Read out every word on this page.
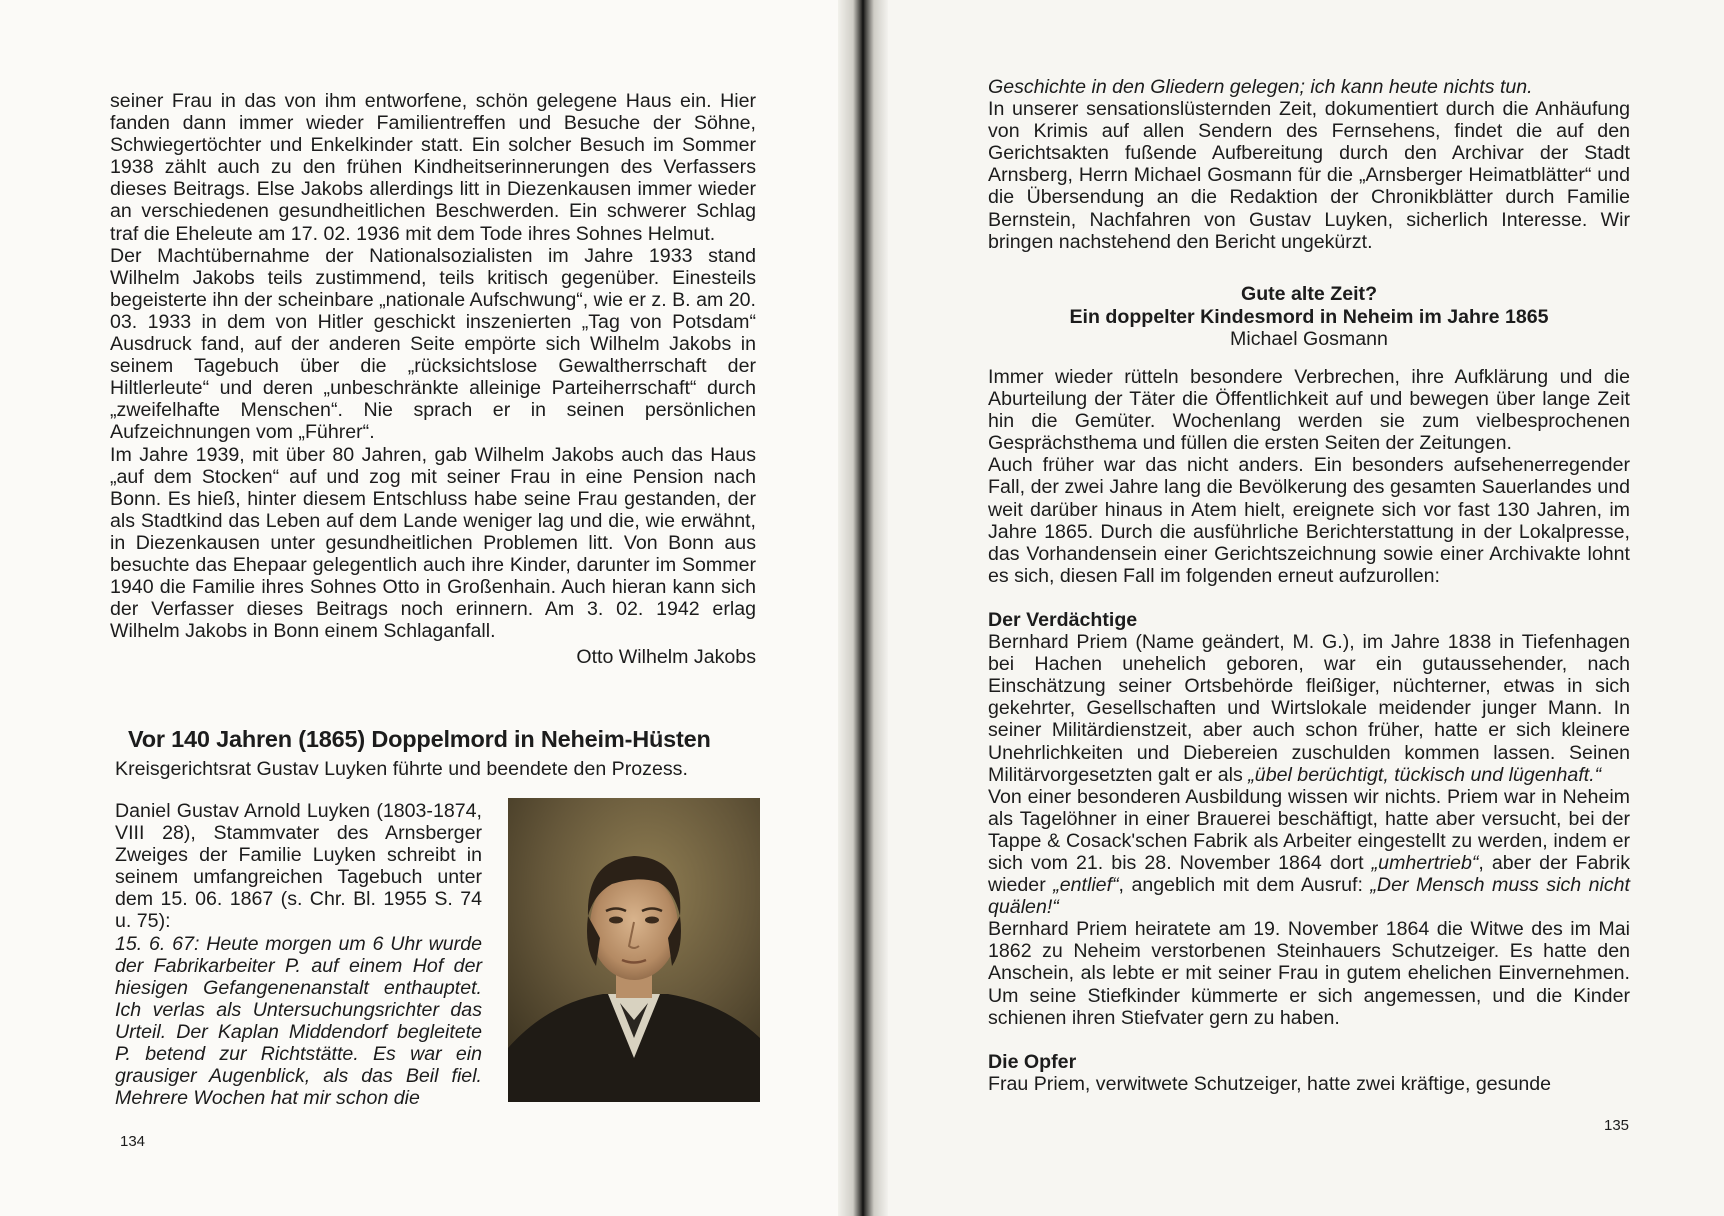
seiner Frau in das von ihm entworfene, schön gelegene Haus ein. Hier fanden dann immer wieder Familientreffen und Besuche der Söhne, Schwiegertöchter und Enkelkinder statt. Ein solcher Besuch im Sommer 1938 zählt auch zu den frühen Kindheitserinnerungen des Verfassers dieses Beitrags. Else Jakobs allerdings litt in Diezenkausen immer wieder an verschiedenen gesundheitlichen Beschwerden. Ein schwerer Schlag traf die Eheleute am 17. 02. 1936 mit dem Tode ihres Sohnes Helmut.

Der Machtübernahme der Nationalsozialisten im Jahre 1933 stand Wilhelm Jakobs teils zustimmend, teils kritisch gegenüber. Einesteils begeisterte ihn der scheinbare „nationale Aufschwung“, wie er z. B. am 20. 03. 1933 in dem von Hitler geschickt inszenierten „Tag von Potsdam“ Ausdruck fand, auf der anderen Seite empörte sich Wilhelm Jakobs in seinem Tagebuch über die „rücksichtslose Gewaltherrschaft der Hiltlerleute“ und deren „unbeschränkte alleinige Parteiherrschaft“ durch „zweifelhafte Menschen“. Nie sprach er in seinen persönlichen Aufzeichnungen vom „Führer“.

Im Jahre 1939, mit über 80 Jahren, gab Wilhelm Jakobs auch das Haus „auf dem Stocken“ auf und zog mit seiner Frau in eine Pension nach Bonn. Es hieß, hinter diesem Entschluss habe seine Frau gestanden, der als Stadtkind das Leben auf dem Lande weniger lag und die, wie erwähnt, in Diezenkausen unter gesundheitlichen Problemen litt. Von Bonn aus besuchte das Ehepaar gelegentlich auch ihre Kinder, darunter im Sommer 1940 die Familie ihres Sohnes Otto in Großenhain. Auch hieran kann sich der Verfasser dieses Beitrags noch erinnern. Am 3. 02. 1942 erlag Wilhelm Jakobs in Bonn einem Schlaganfall.

Otto Wilhelm Jakobs

Vor 140 Jahren (1865) Doppelmord in Neheim-Hüsten
Kreisgerichtsrat Gustav Luyken führte und beendete den Prozess.

Daniel Gustav Arnold Luyken (1803-1874, VIII 28), Stammvater des Arnsberger Zweiges der Familie Luyken schreibt in seinem umfangreichen Tagebuch unter dem 15. 06. 1867 (s. Chr. Bl. 1955 S. 74 u. 75):

15. 6. 67: Heute morgen um 6 Uhr wurde der Fabrikarbeiter P. auf einem Hof der hiesigen Gefangenenanstalt enthauptet. Ich verlas als Untersuchungsrichter das Urteil. Der Kaplan Middendorf begleitete P. betend zur Richtstätte. Es war ein grausiger Augenblick, als das Beil fiel. Mehrere Wochen hat mir schon die

134

Geschichte in den Gliedern gelegen; ich kann heute nichts tun.

In unserer sensationslüsternden Zeit, dokumentiert durch die Anhäufung von Krimis auf allen Sendern des Fernsehens, findet die auf den Gerichtsakten fußende Aufbereitung durch den Archivar der Stadt Arnsberg, Herrn Michael Gosmann für die „Arnsberger Heimatblätter“ und die Übersendung an die Redaktion der Chronikblätter durch Familie Bernstein, Nachfahren von Gustav Luyken, sicherlich Interesse. Wir bringen nachstehend den Bericht ungekürzt.

Gute alte Zeit?
Ein doppelter Kindesmord in Neheim im Jahre 1865
Michael Gosmann

Immer wieder rütteln besondere Verbrechen, ihre Aufklärung und die Aburteilung der Täter die Öffentlichkeit auf und bewegen über lange Zeit hin die Gemüter. Wochenlang werden sie zum vielbesprochenen Gesprächsthema und füllen die ersten Seiten der Zeitungen.

Auch früher war das nicht anders. Ein besonders aufsehenerregender Fall, der zwei Jahre lang die Bevölkerung des gesamten Sauerlandes und weit darüber hinaus in Atem hielt, ereignete sich vor fast 130 Jahren, im Jahre 1865. Durch die ausführliche Berichterstattung in der Lokalpresse, das Vorhandensein einer Gerichtszeichnung sowie einer Archivakte lohnt es sich, diesen Fall im folgenden erneut aufzurollen:

Der Verdächtige

Bernhard Priem (Name geändert, M. G.), im Jahre 1838 in Tiefenhagen bei Hachen unehelich geboren, war ein gutaussehender, nach Einschätzung seiner Ortsbehörde fleißiger, nüchterner, etwas in sich gekehrter, Gesellschaften und Wirtslokale meidender junger Mann. In seiner Militärdienstzeit, aber auch schon früher, hatte er sich kleinere Unehrlichkeiten und Diebereien zuschulden kommen lassen. Seinen Militärvorgesetzten galt er als „übel berüchtigt, tückisch und lügenhaft.“

Von einer besonderen Ausbildung wissen wir nichts. Priem war in Neheim als Tagelöhner in einer Brauerei beschäftigt, hatte aber versucht, bei der Tappe & Cosack'schen Fabrik als Arbeiter eingestellt zu werden, indem er sich vom 21. bis 28. November 1864 dort „umhertrieb“, aber der Fabrik wieder „entlief“, angeblich mit dem Ausruf: „Der Mensch muss sich nicht quälen!“

Bernhard Priem heiratete am 19. November 1864 die Witwe des im Mai 1862 zu Neheim verstorbenen Steinhauers Schutzeiger. Es hatte den Anschein, als lebte er mit seiner Frau in gutem ehelichen Einvernehmen. Um seine Stiefkinder kümmerte er sich angemessen, und die Kinder schienen ihren Stiefvater gern zu haben.

Die Opfer

Frau Priem, verwitwete Schutzeiger, hatte zwei kräftige, gesunde

135
